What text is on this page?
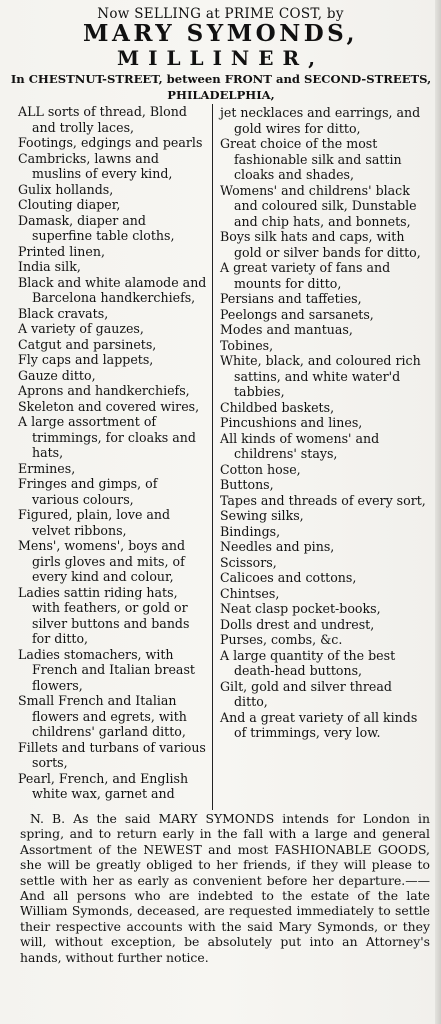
Now SELLING at PRIME COST, by
MARY SYMONDS,
MILLINER,
In CHESTNUT-STREET, between FRONT and SECOND-STREETS, PHILADELPHIA,

ALL sorts of thread, Blond and trolly laces,

Footings, edgings and pearls

Cambricks, lawns and muslins of every kind,

Gulix hollands,

Clouting diaper,

Damask, diaper and superfine table cloths,

Printed linen,

India silk,

Black and white alamode and Barcelona handkerchiefs,

Black cravats,

A variety of gauzes,

Catgut and parsinets,

Fly caps and lappets,

Gauze ditto,

Aprons and handkerchiefs,

Skeleton and covered wires,

A large assortment of trimmings, for cloaks and hats,

Ermines,

Fringes and gimps, of various colours,

Figured, plain, love and velvet ribbons,

Mens', womens', boys and girls gloves and mits, of every kind and colour,

Ladies sattin riding hats, with feathers, or gold or silver buttons and bands for ditto,

Ladies stomachers, with French and Italian breast flowers,

Small French and Italian flowers and egrets, with childrens' garland ditto,

Fillets and turbans of various sorts,

Pearl, French, and English white wax, garnet and

jet necklaces and earrings, and gold wires for ditto,

Great choice of the most fashionable silk and sattin cloaks and shades,

Womens' and childrens' black and coloured silk, Dunstable and chip hats, and bonnets,

Boys silk hats and caps, with gold or silver bands for ditto,

A great variety of fans and mounts for ditto,

Persians and taffeties,

Peelongs and sarsanets,

Modes and mantuas,

Tobines,

White, black, and coloured rich sattins, and white water'd tabbies,

Childbed baskets,

Pincushions and lines,

All kinds of womens' and childrens' stays,

Cotton hose,

Buttons,

Tapes and threads of every sort,

Sewing silks,

Bindings,

Needles and pins,

Scissors,

Calicoes and cottons,

Chintses,

Neat clasp pocket-books,

Dolls drest and undrest,

Purses, combs, &c.

A large quantity of the best death-head buttons,

Gilt, gold and silver thread ditto,

And a great variety of all kinds of trimmings, very low.

N. B. As the said MARY SYMONDS intends for London in spring, and to return early in the fall with a large and general Assortment of the NEWEST and most FASHIONABLE GOODS, she will be greatly obliged to her friends, if they will please to settle with her as early as convenient before her departure.——And all persons who are indebted to the estate of the late William Symonds, deceased, are requested immediately to settle their respective accounts with the said Mary Symonds, or they will, without exception, be absolutely put into an Attorney's hands, without further notice.
